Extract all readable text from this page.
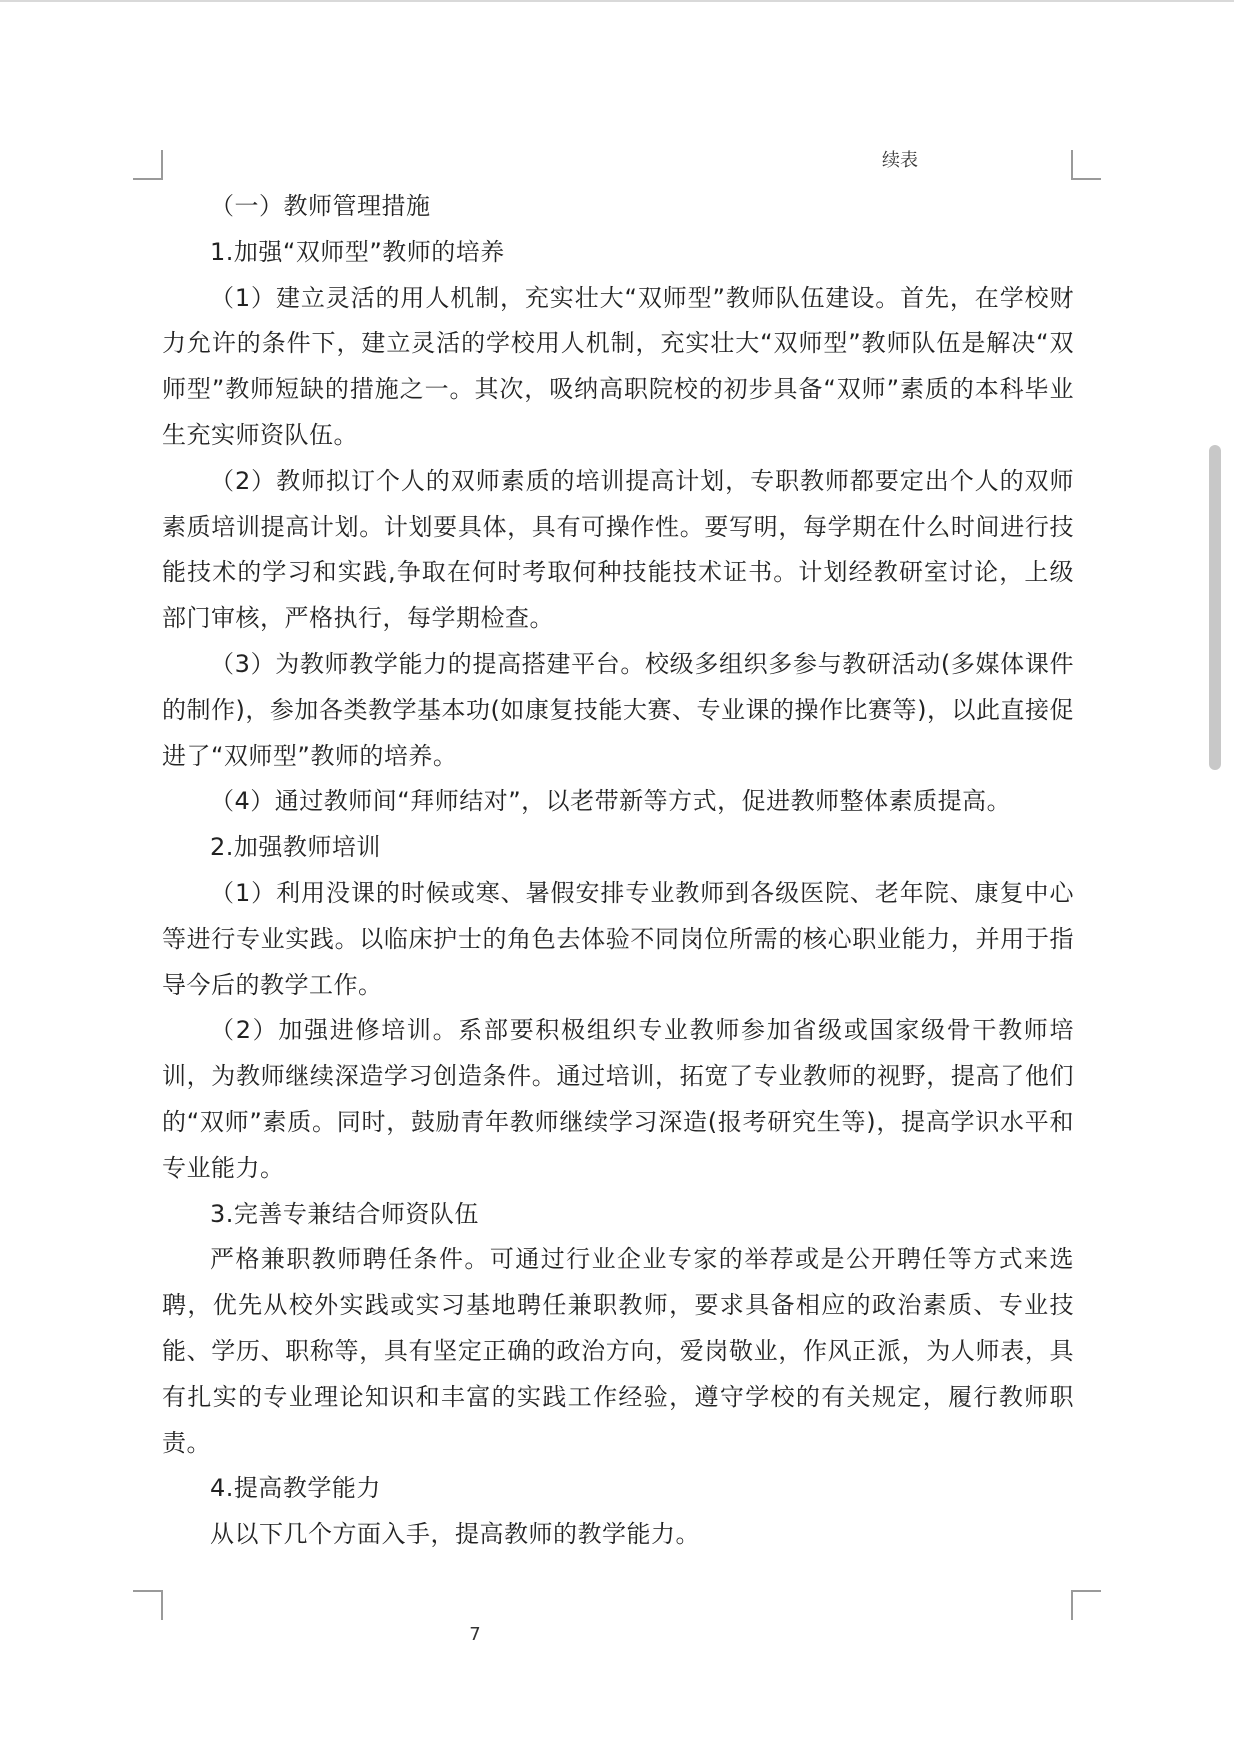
续表

（一）教师管理措施

1.加强“双师型”教师的培养

（1）建立灵活的用人机制，充实壮大“双师型”教师队伍建设。首先，在学校财力允许的条件下，建立灵活的学校用人机制，充实壮大“双师型”教师队伍是解决“双师型”教师短缺的措施之一。其次，吸纳高职院校的初步具备“双师”素质的本科毕业生充实师资队伍。

（2）教师拟订个人的双师素质的培训提高计划，专职教师都要定出个人的双师素质培训提高计划。计划要具体，具有可操作性。要写明，每学期在什么时间进行技能技术的学习和实践,争取在何时考取何种技能技术证书。计划经教研室讨论，上级部门审核，严格执行，每学期检查。

（3）为教师教学能力的提高搭建平台。校级多组织多参与教研活动(多媒体课件的制作)，参加各类教学基本功(如康复技能大赛、专业课的操作比赛等)，以此直接促进了“双师型”教师的培养。

（4）通过教师间“拜师结对”，以老带新等方式，促进教师整体素质提高。

2.加强教师培训

（1）利用没课的时候或寒、暑假安排专业教师到各级医院、老年院、康复中心等进行专业实践。以临床护士的角色去体验不同岗位所需的核心职业能力，并用于指导今后的教学工作。

（2）加强进修培训。系部要积极组织专业教师参加省级或国家级骨干教师培训，为教师继续深造学习创造条件。通过培训，拓宽了专业教师的视野，提高了他们的“双师”素质。同时，鼓励青年教师继续学习深造(报考研究生等)，提高学识水平和专业能力。

3.完善专兼结合师资队伍

严格兼职教师聘任条件。可通过行业企业专家的举荐或是公开聘任等方式来选聘，优先从校外实践或实习基地聘任兼职教师，要求具备相应的政治素质、专业技能、学历、职称等，具有坚定正确的政治方向，爱岗敬业，作风正派，为人师表，具有扎实的专业理论知识和丰富的实践工作经验，遵守学校的有关规定，履行教师职责。

4.提高教学能力

从以下几个方面入手，提高教师的教学能力。

7
